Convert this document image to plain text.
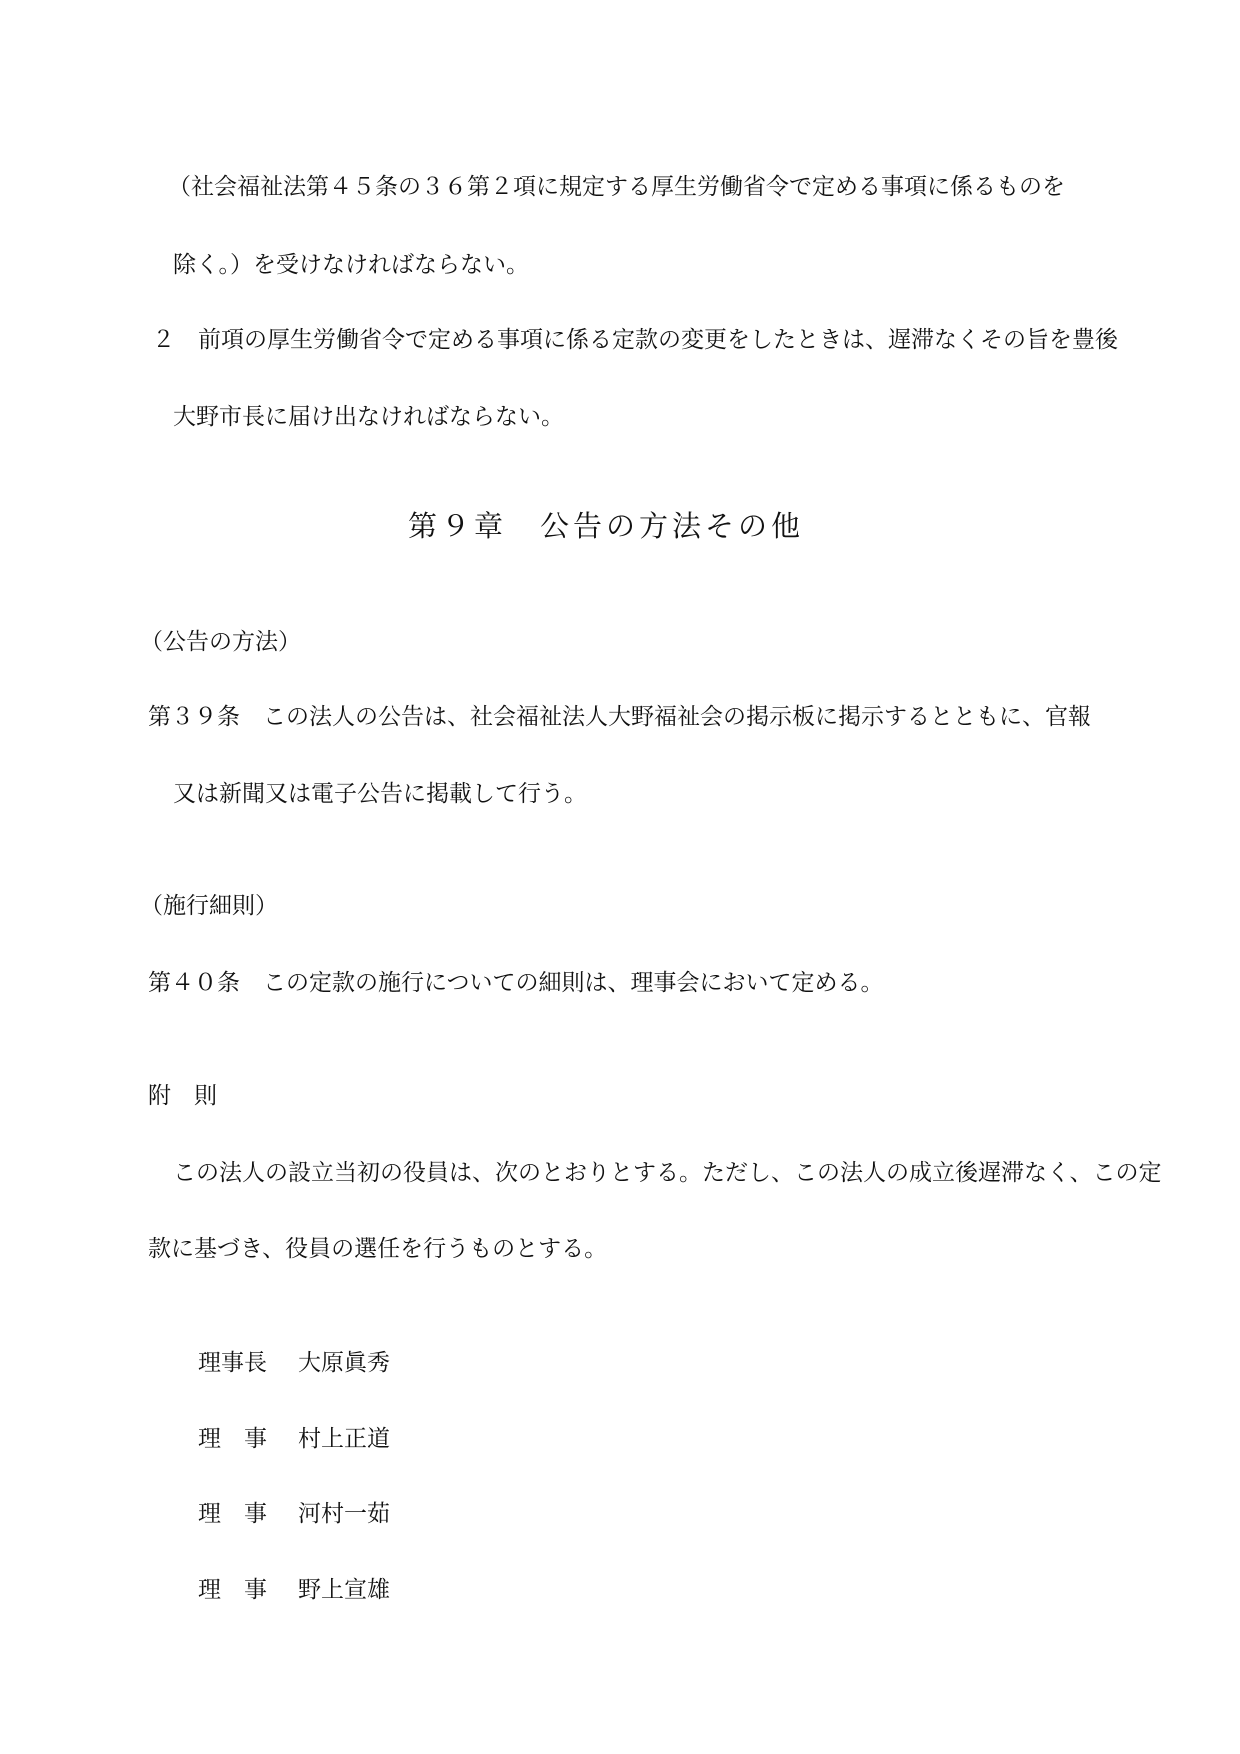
（社会福祉法第４５条の３６第２項に規定する厚生労働省令で定める事項に係るものを

除く。）を受けなければならない。

２ 前項の厚生労働省令で定める事項に係る定款の変更をしたときは、遅滞なくその旨を豊後

大野市長に届け出なければならない。

第９章　公告の方法その他

（公告の方法）

第３９条　この法人の公告は、社会福祉法人大野福祉会の掲示板に掲示するとともに、官報

又は新聞又は電子公告に掲載して行う。

（施行細則）

第４０条　この定款の施行についての細則は、理事会において定める。

附　則

この法人の設立当初の役員は、次のとおりとする。ただし、この法人の成立後遅滞なく、この定

款に基づき、役員の選任を行うものとする。

理事長 大原眞秀
理　事 村上正道
理　事 河村一茹
理　事 野上宣雄
